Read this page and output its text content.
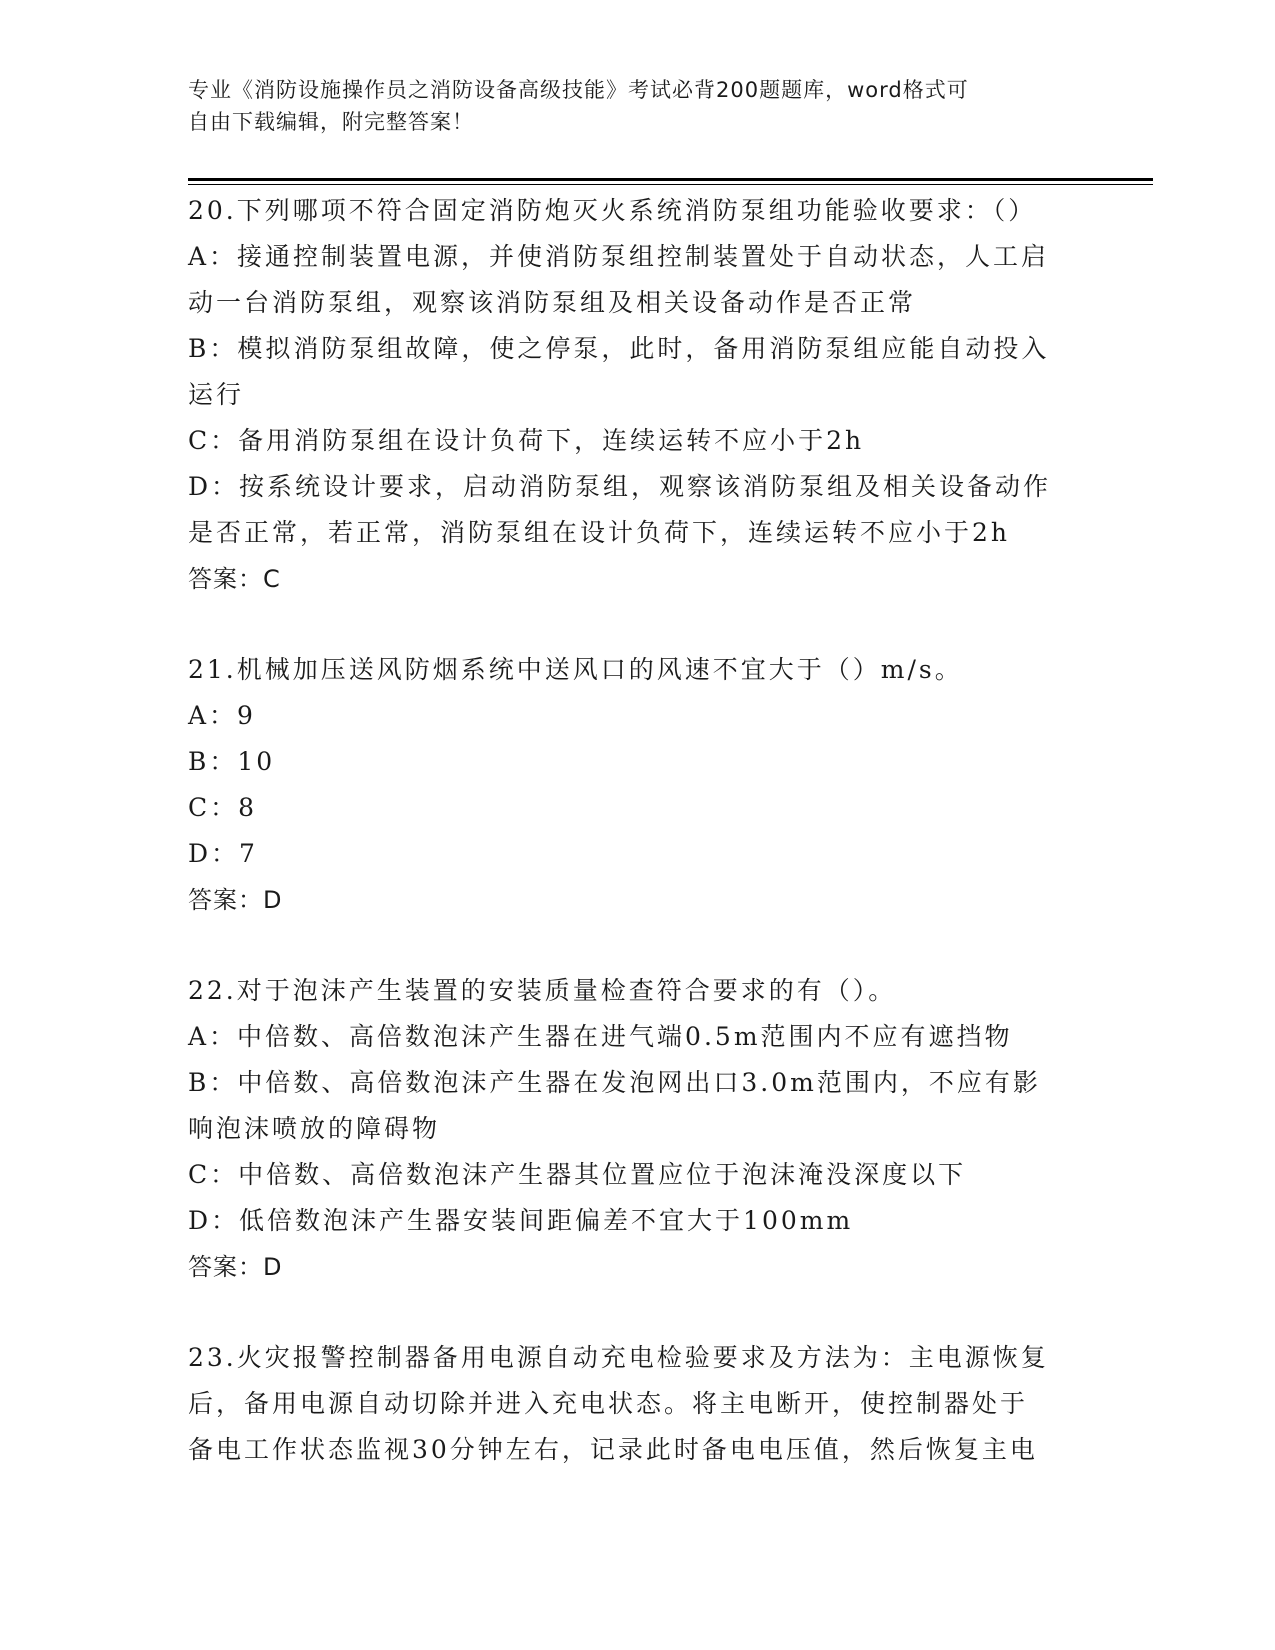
专业《消防设施操作员之消防设备高级技能》考试必背200题题库，word格式可
自由下载编辑，附完整答案！
20.下列哪项不符合固定消防炮灭火系统消防泵组功能验收要求：（）
A：接通控制装置电源，并使消防泵组控制装置处于自动状态，人工启
动一台消防泵组，观察该消防泵组及相关设备动作是否正常
B：模拟消防泵组故障，使之停泵，此时，备用消防泵组应能自动投入
运行
C：备用消防泵组在设计负荷下，连续运转不应小于2h
D：按系统设计要求，启动消防泵组，观察该消防泵组及相关设备动作
是否正常，若正常，消防泵组在设计负荷下，连续运转不应小于2h
答案：C
21.机械加压送风防烟系统中送风口的风速不宜大于（）m/s。
A：9
B：10
C：8
D：7
答案：D
22.对于泡沫产生装置的安装质量检查符合要求的有（）。
A：中倍数、高倍数泡沫产生器在进气端0.5m范围内不应有遮挡物
B：中倍数、高倍数泡沫产生器在发泡网出口3.0m范围内，不应有影
响泡沫喷放的障碍物
C：中倍数、高倍数泡沫产生器其位置应位于泡沫淹没深度以下
D：低倍数泡沫产生器安装间距偏差不宜大于100mm
答案：D
23.火灾报警控制器备用电源自动充电检验要求及方法为：主电源恢复
后，备用电源自动切除并进入充电状态。将主电断开，使控制器处于
备电工作状态监视30分钟左右，记录此时备电电压值，然后恢复主电
